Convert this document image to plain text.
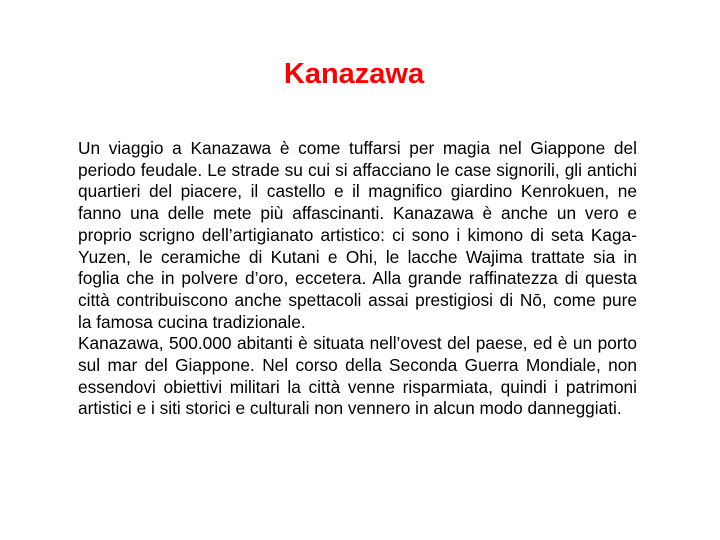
Kanazawa

Un viaggio a Kanazawa è come tuffarsi per magia nel Giappone del periodo feudale. Le strade su cui si affacciano le case signorili, gli antichi quartieri del piacere, il castello e il magnifico giardino Kenrokuen, ne fanno una delle mete più affascinanti. Kanazawa è anche un vero e proprio scrigno dell’artigianato artistico: ci sono i kimono di seta Kaga-Yuzen, le ceramiche di Kutani e Ohi, le lacche Wajima trattate sia in foglia che in polvere d’oro, eccetera. Alla grande raffinatezza di questa città contribuiscono anche spettacoli assai prestigiosi di Nō, come pure la famosa cucina tradizionale.

Kanazawa, 500.000 abitanti è situata nell’ovest del paese, ed è un porto sul mar del Giappone. Nel corso della Seconda Guerra Mondiale, non essendovi obiettivi militari la città venne risparmiata, quindi i patrimoni artistici e i siti storici e culturali non vennero in alcun modo danneggiati.
